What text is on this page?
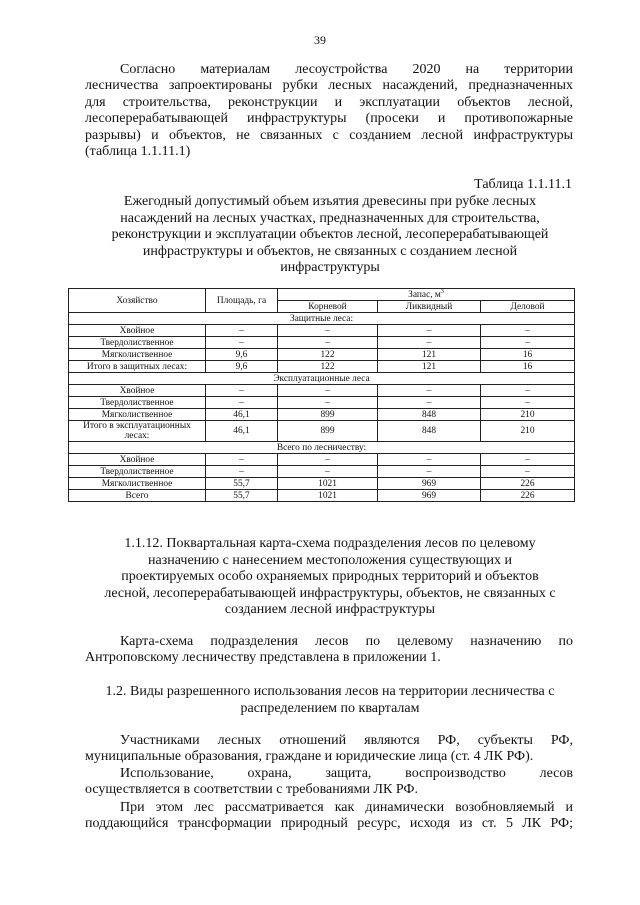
39
Согласно материалам лесоустройства 2020 на территории
лесничества запроектированы рубки лесных насаждений, предназначенных
для строительства, реконструкции и эксплуатации объектов лесной,
лесоперерабатывающей инфраструктуры (просеки и противопожарные
разрывы) и объектов, не связанных с созданием лесной инфраструктуры
(таблица 1.1.11.1)
Таблица 1.1.11.1
Ежегодный допустимый объем изъятия древесины при рубке лесных
насаждений на лесных участках, предназначенных для строительства,
реконструкции и эксплуатации объектов лесной, лесоперерабатывающей
инфраструктуры и объектов, не связанных с созданием лесной
инфраструктуры
Хозяйство	Площадь, га	Запас, $м^3$
		Корневой	Ликвидный	Деловой
Защитные леса:				
Хвойное	–	–	–	–
Твердолиственное	–	–	–	–
Мягколиственное	9,6	122	121	16
Итого в защитных лесах:	9,6	122	121	16
Эксплуатационные леса				
Хвойное	–	–	–	–
Твердолиственное	–	–	–	–
Мягколиственное	46,1	899	848	210
Итого в эксплуатационных лесах:	46,1	899	848	210
Всего по лесничеству:				
Хвойное	–	–	–	–
Твердолиственное	–	–	–	–
Мягколиственное	55,7	1021	969	226
Всего	55,7	1021	969	226
1.1.12. Поквартальная карта-схема подразделения лесов по целевому
назначению с нанесением местоположения существующих и
проектируемых особо охраняемых природных территорий и объектов
лесной, лесоперерабатывающей инфраструктуры, объектов, не связанных с
созданием лесной инфраструктуры
Карта-схема подразделения лесов по целевому назначению по
Антроповскому лесничеству представлена в приложении 1.
1.2. Виды разрешенного использования лесов на территории лесничества с
распределением по кварталам
Участниками лесных отношений являются РФ, субъекты РФ,
муниципальные образования, граждане и юридические лица (ст. 4 ЛК РФ).
Использование, охрана, защита, воспроизводство лесов
осуществляется в соответствии с требованиями ЛК РФ.
При этом лес рассматривается как динамически возобновляемый и
поддающийся трансформации природный ресурс, исходя из ст. 5 ЛК РФ;
